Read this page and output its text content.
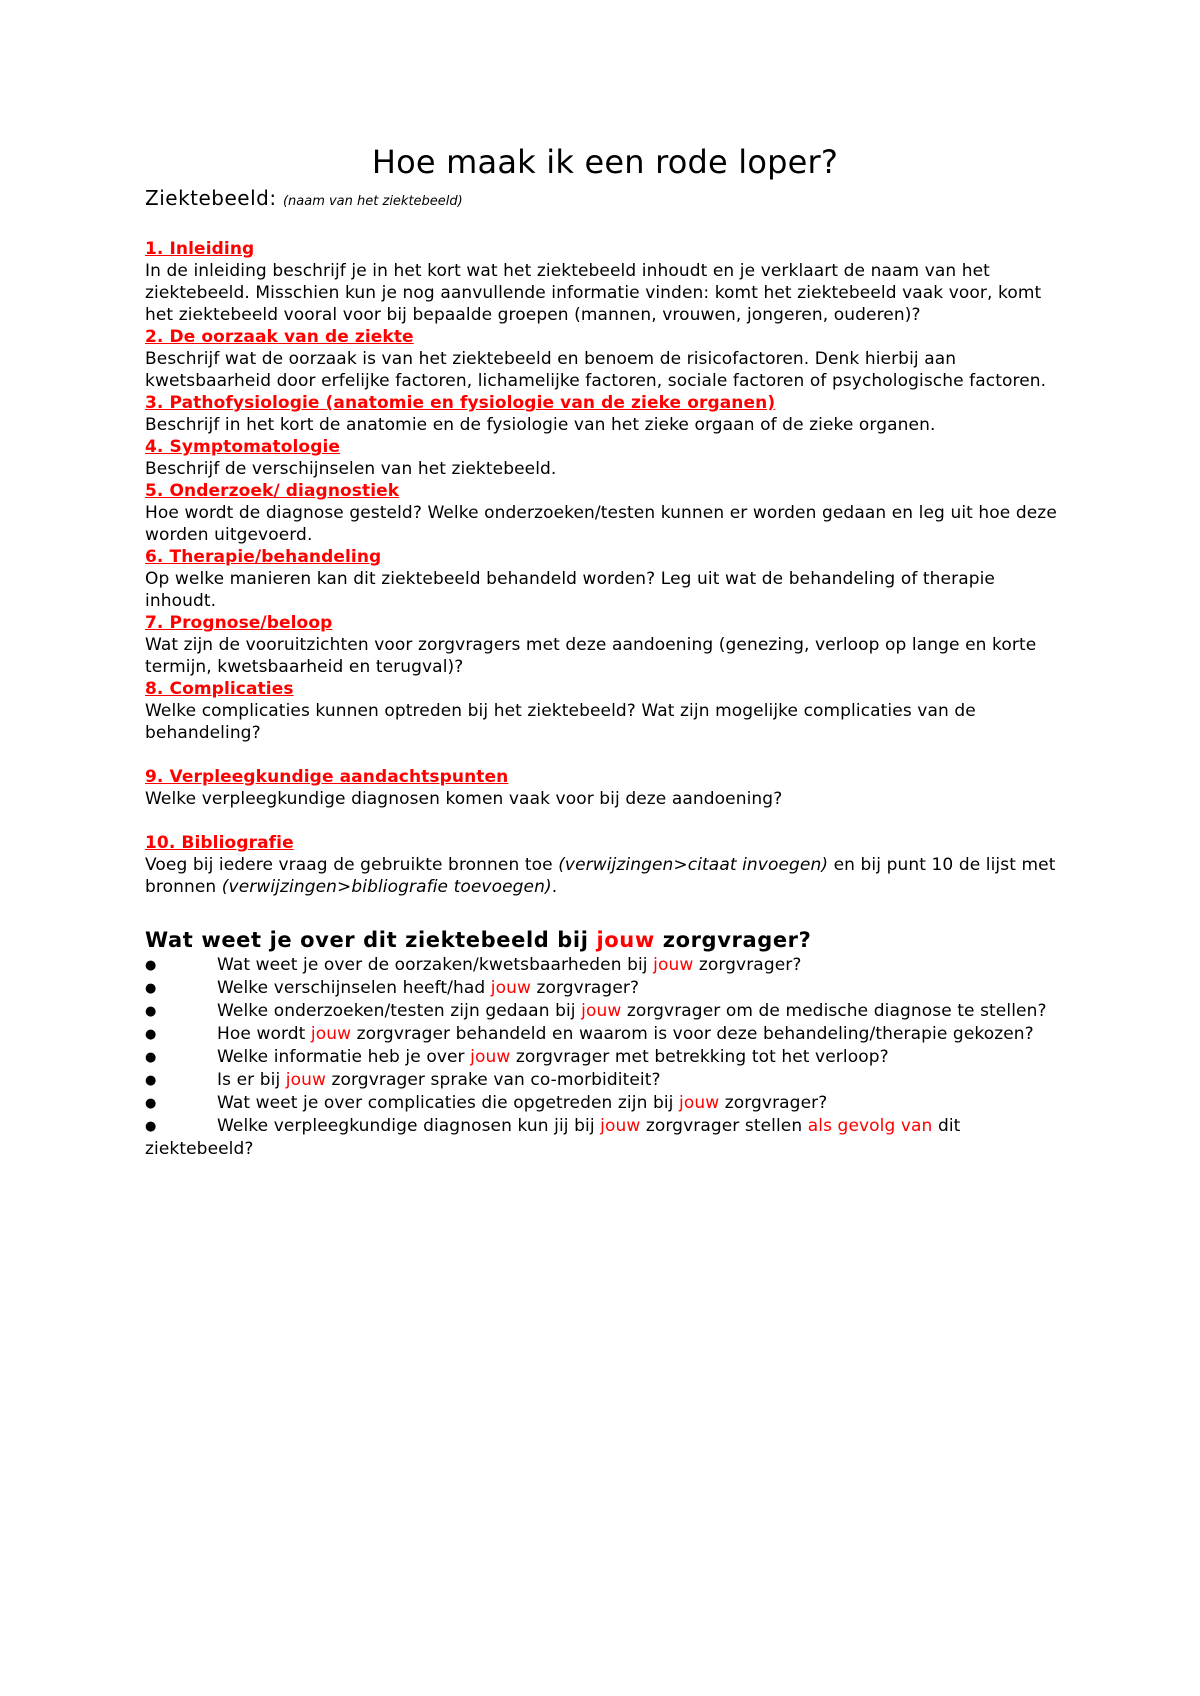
Hoe maak ik een rode loper?

Ziektebeeld: (naam van het ziektebeeld)

1. Inleiding
In de inleiding beschrijf je in het kort wat het ziektebeeld inhoudt en je verklaart de naam van het ziektebeeld. Misschien kun je nog aanvullende informatie vinden: komt het ziektebeeld vaak voor, komt het ziektebeeld vooral voor bij bepaalde groepen (mannen, vrouwen, jongeren, ouderen)?
2. De oorzaak van de ziekte
Beschrijf wat de oorzaak is van het ziektebeeld en benoem de risicofactoren. Denk hierbij aan kwetsbaarheid door erfelijke factoren, lichamelijke factoren, sociale factoren of psychologische factoren.
3. Pathofysiologie (anatomie en fysiologie van de zieke organen)
Beschrijf in het kort de anatomie en de fysiologie van het zieke orgaan of de zieke organen.
4. Symptomatologie
Beschrijf de verschijnselen van het ziektebeeld.
5. Onderzoek/ diagnostiek
Hoe wordt de diagnose gesteld? Welke onderzoeken/testen kunnen er worden gedaan en leg uit hoe deze worden uitgevoerd.
6. Therapie/behandeling
Op welke manieren kan dit ziektebeeld behandeld worden? Leg uit wat de behandeling of therapie inhoudt.
7. Prognose/beloop
Wat zijn de vooruitzichten voor zorgvragers met deze aandoening (genezing, verloop op lange en korte termijn, kwetsbaarheid en terugval)?
8. Complicaties
Welke complicaties kunnen optreden bij het ziektebeeld? Wat zijn mogelijke complicaties van de behandeling?
9. Verpleegkundige aandachtspunten
Welke verpleegkundige diagnosen komen vaak voor bij deze aandoening?
10. Bibliografie
Voeg bij iedere vraag de gebruikte bronnen toe (verwijzingen>citaat invoegen) en bij punt 10 de lijst met bronnen (verwijzingen>bibliografie toevoegen).
Wat weet je over dit ziektebeeld bij jouw zorgvrager?
●	Wat weet je over de oorzaken/kwetsbaarheden bij jouw zorgvrager?
●	Welke verschijnselen heeft/had jouw zorgvrager?
●	Welke onderzoeken/testen zijn gedaan bij jouw zorgvrager om de medische diagnose te stellen?
●	Hoe wordt jouw zorgvrager behandeld en waarom is voor deze behandeling/therapie gekozen?
●	Welke informatie heb je over jouw zorgvrager met betrekking tot het verloop?
●	Is er bij jouw zorgvrager sprake van co-morbiditeit?
●	Wat weet je over complicaties die opgetreden zijn bij jouw zorgvrager?
●	Welke verpleegkundige diagnosen kun jij bij jouw zorgvrager stellen als gevolg van dit ziektebeeld?
